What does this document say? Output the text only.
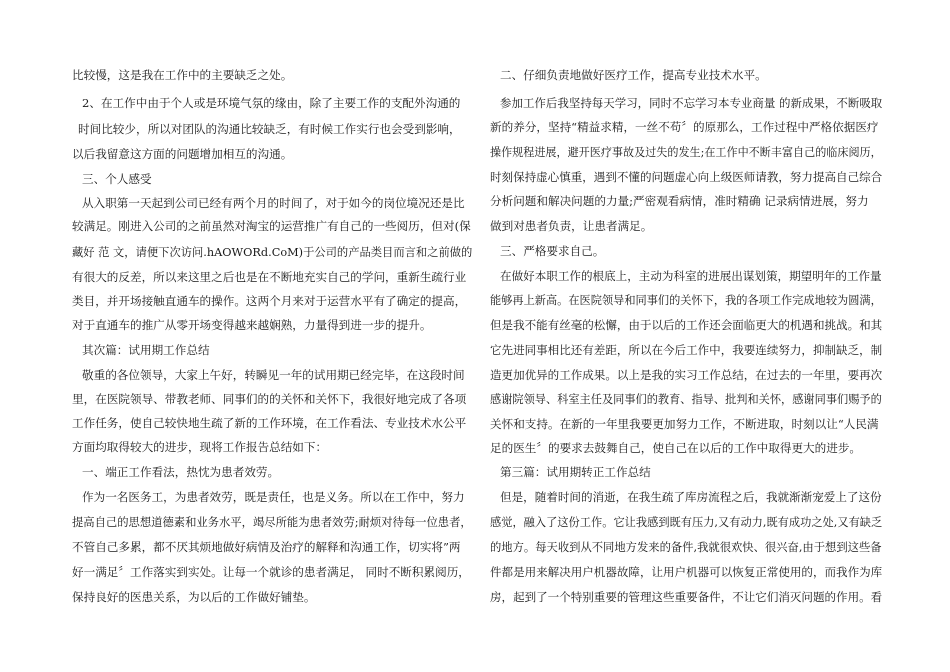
比较慢，这是我在工作中的主要缺乏之处。
2、在工作中由于个人或是环境气氛的缘由，除了主要工作的支配外沟通的
时间比较少，所以对团队的沟通比较缺乏，有时候工作实行也会受到影响，
以后我留意这方面的问题增加相互的沟通。
三、个人感受
从入职第一天起到公司已经有两个月的时间了，对于如今的岗位境况还是比
较满足。刚进入公司的之前虽然对淘宝的运营推广有自己的一些阅历，但对(保
藏好 范 文，请便下次访问.hAOWORd.CoM)于公司的产品类目而言和之前做的
有很大的反差，所以来这里之后也是在不断地充实自己的学问，重新生疏行业
类目，并开场接触直通车的操作。这两个月来对于运营水平有了确定的提高，
对于直通车的推广从零开场变得越来越娴熟，力量得到进一步的提升。
其次篇：试用期工作总结
敬重的各位领导，大家上午好，转瞬见一年的试用期已经完毕，在这段时间
里，在医院领导、带教老师、同事们的的关怀和关怀下，我很好地完成了各项
工作任务，使自己较快地生疏了新的工作环境，在工作看法、专业技术水公平
方面均取得较大的进步，现将工作报告总结如下：
一、端正工作看法，热忱为患者效劳。
作为一名医务工，为患者效劳，既是责任，也是义务。所以在工作中，努力
提高自己的思想道德素和业务水平，竭尽所能为患者效劳;耐烦对待每一位患者，
不管自己多累，都不厌其烦地做好病情及治疗的解释和沟通工作，切实将”两
好一满足〞工作落实到实处。让每一个就诊的患者满足， 同时不断积累阅历，
保持良好的医患关系，为以后的工作做好铺垫。
二、仔细负责地做好医疗工作，提高专业技术水平。
参加工作后我坚持每天学习，同时不忘学习本专业商量 的新成果，不断吸取
新的养分，坚持“精益求精，一丝不苟〞的原那么，工作过程中严格依据医疗
操作规程进展，避开医疗事故及过失的发生;在工作中不断丰富自己的临床阅历，
时刻保持虚心慎重，遇到不懂的问题虚心向上级医师请教，努力提高自己综合
分析问题和解决问题的力量;严密观看病情，准时精确 记录病情进展，努力
做到对患者负责，让患者满足。
三、严格要求自己。
在做好本职工作的根底上，主动为科室的进展出谋划策，期望明年的工作量
能够再上新高。在医院领导和同事们的关怀下，我的各项工作完成地较为圆满，
但是我不能有丝毫的松懈，由于以后的工作还会面临更大的机遇和挑战。和其
它先进同事相比还有差距，所以在今后工作中，我要连续努力，抑制缺乏，制
造更加优异的工作成果。以上是我的实习工作总结，在过去的一年里，要再次
感谢院领导、科室主任及同事们的教育、指导、批判和关怀，感谢同事们赐予的
关怀和支持。在新的一年里我要更加努力工作，不断进取，时刻以让“人民满
足的医生〞的要求去鼓舞自己，使自己在以后的工作中取得更大的进步。
第三篇：试用期转正工作总结
但是，随着时间的消逝，在我生疏了库房流程之后，我就渐渐宠爱上了这份
感觉，融入了这份工作。它让我感到既有压力,又有动力,既有成功之处,又有缺乏
的地方。每天收到从不同地方发来的备件,我就很欢快、很兴奋,由于想到这些备
件都是用来解决用户机器故障，让用户机器可以恢复正常使用的，而我作为库
房，起到了一个特别重要的管理这些重要备件，不让它们消灭问题的作用。看
